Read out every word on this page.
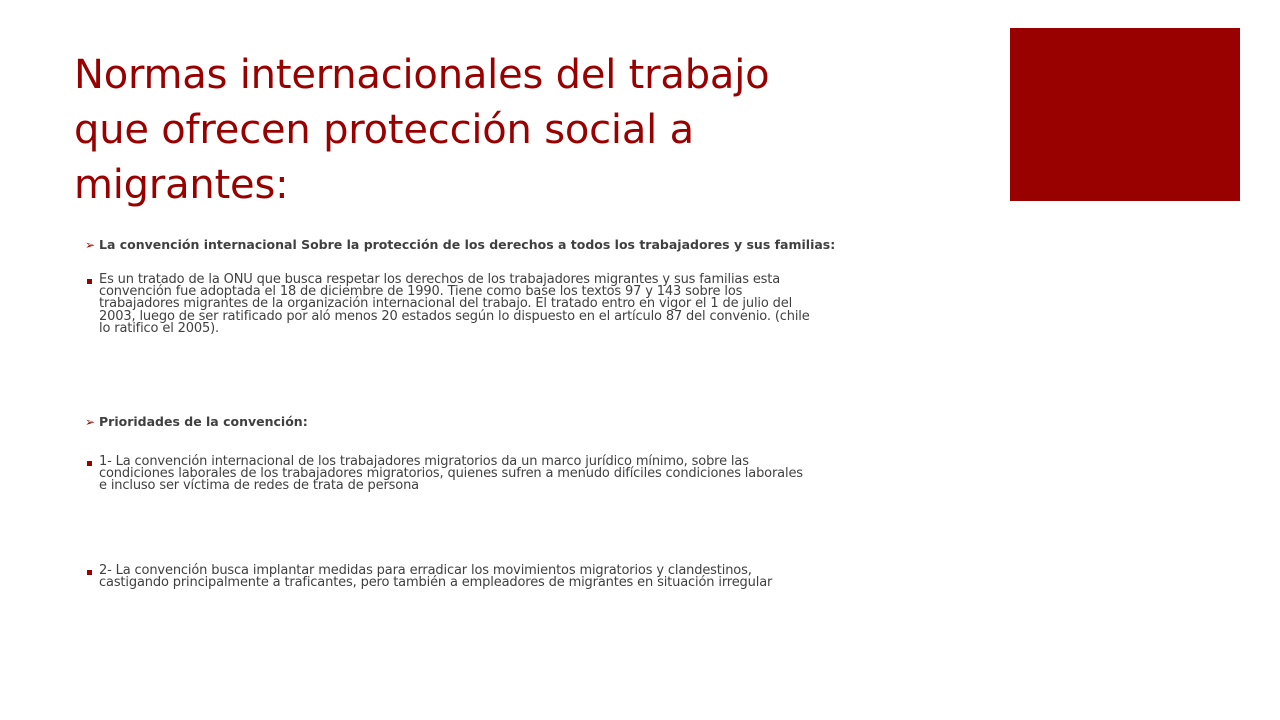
Normas internacionales del trabajo
que ofrecen protección social a
migrantes:
➢ La convención internacional Sobre la protección de los derechos a todos los trabajadores y sus familias:
Es un tratado de la ONU que busca respetar los derechos de los trabajadores migrantes y sus familias esta
convención fue adoptada el 18 de diciembre de 1990. Tiene como base los textos 97 y 143 sobre los
trabajadores migrantes de la organización internacional del trabajo. El tratado entro en vigor el 1 de julio del
2003, luego de ser ratificado por aló menos 20 estados según lo dispuesto en el artículo 87 del convenio. (chile
lo ratifico el 2005).
➢ Prioridades de la convención:
1- La convención internacional de los trabajadores migratorios da un marco jurídico mínimo, sobre las
condiciones laborales de los trabajadores migratorios, quienes sufren a menudo difíciles condiciones laborales
e incluso ser víctima de redes de trata de persona
2- La convención busca implantar medidas para erradicar los movimientos migratorios y clandestinos,
castigando principalmente a traficantes, pero también a empleadores de migrantes en situación irregular
